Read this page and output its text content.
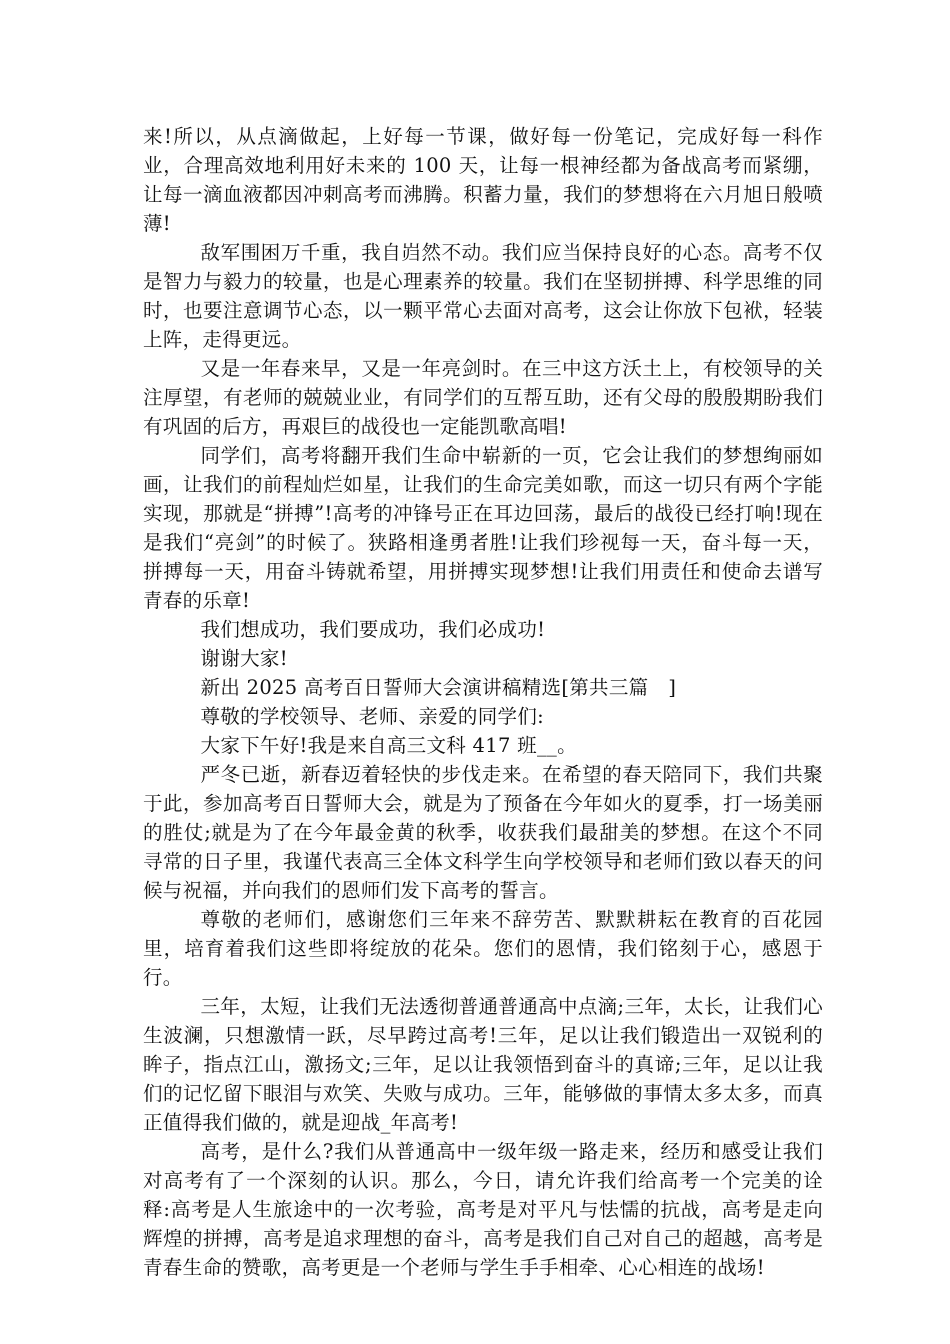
来!所以，从点滴做起，上好每一节课，做好每一份笔记，完成好每一科作业，合理高效地利用好未来的 100 天，让每一根神经都为备战高考而紧绷，让每一滴血液都因冲刺高考而沸腾。积蓄力量，我们的梦想将在六月旭日般喷薄!

敌军围困万千重，我自岿然不动。我们应当保持良好的心态。高考不仅是智力与毅力的较量，也是心理素养的较量。我们在坚韧拼搏、科学思维的同时，也要注意调节心态，以一颗平常心去面对高考，这会让你放下包袱，轻装上阵，走得更远。

又是一年春来早，又是一年亮剑时。在三中这方沃土上，有校领导的关注厚望，有老师的兢兢业业，有同学们的互帮互助，还有父母的殷殷期盼我们有巩固的后方，再艰巨的战役也一定能凯歌高唱!

同学们，高考将翻开我们生命中崭新的一页，它会让我们的梦想绚丽如画，让我们的前程灿烂如星，让我们的生命完美如歌，而这一切只有两个字能实现，那就是“拼搏”!高考的冲锋号正在耳边回荡，最后的战役已经打响!现在是我们“亮剑”的时候了。狭路相逢勇者胜!让我们珍视每一天，奋斗每一天，拼搏每一天，用奋斗铸就希望，用拼搏实现梦想!让我们用责任和使命去谱写青春的乐章!

我们想成功，我们要成功，我们必成功!

谢谢大家!

新出 2025 高考百日誓师大会演讲稿精选[第共三篇　]

尊敬的学校领导、老师、亲爱的同学们:

大家下午好!我是来自高三文科 417 班__。

严冬已逝，新春迈着轻快的步伐走来。在希望的春天陪同下，我们共聚于此，参加高考百日誓师大会，就是为了预备在今年如火的夏季，打一场美丽的胜仗;就是为了在今年最金黄的秋季，收获我们最甜美的梦想。在这个不同寻常的日子里，我谨代表高三全体文科学生向学校领导和老师们致以春天的问候与祝福，并向我们的恩师们发下高考的誓言。

尊敬的老师们，感谢您们三年来不辞劳苦、默默耕耘在教育的百花园里，培育着我们这些即将绽放的花朵。您们的恩情，我们铭刻于心，感恩于行。

三年，太短，让我们无法透彻普通普通高中点滴;三年，太长，让我们心生波澜，只想激情一跃，尽早跨过高考!三年，足以让我们锻造出一双锐利的眸子，指点江山，激扬文;三年，足以让我领悟到奋斗的真谛;三年，足以让我们的记忆留下眼泪与欢笑、失败与成功。三年，能够做的事情太多太多，而真正值得我们做的，就是迎战_年高考!

高考，是什么?我们从普通高中一级年级一路走来，经历和感受让我们对高考有了一个深刻的认识。那么，今日，请允许我们给高考一个完美的诠释:高考是人生旅途中的一次考验，高考是对平凡与怯懦的抗战，高考是走向辉煌的拼搏，高考是追求理想的奋斗，高考是我们自己对自己的超越，高考是青春生命的赞歌，高考更是一个老师与学生手手相牵、心心相连的战场!
